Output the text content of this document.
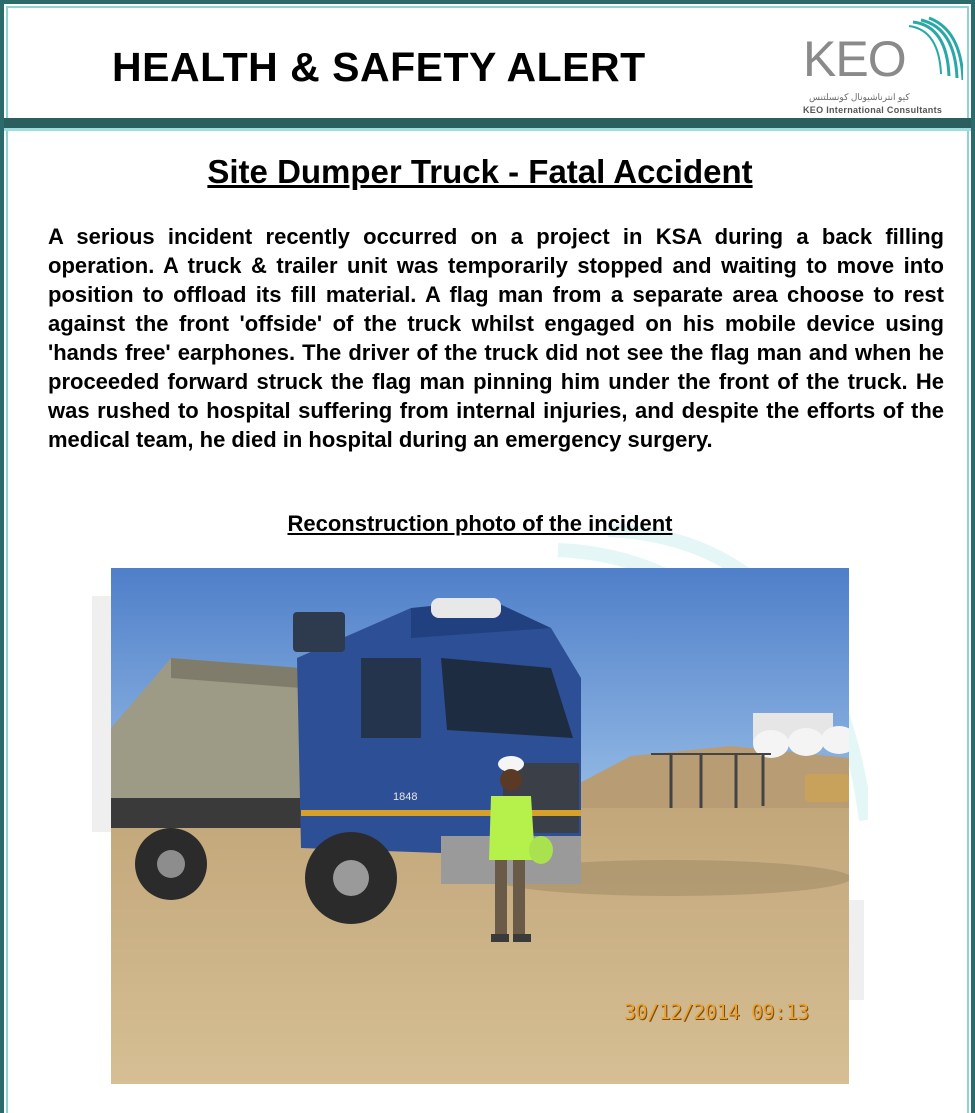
HEALTH & SAFETY ALERT	KEO
كيو انترناشيونال كونسلتنس
KEO International Consultants
Site Dumper Truck - Fatal Accident
A serious incident recently occurred on a project in KSA during a back filling operation. A truck & trailer unit was temporarily stopped and waiting to move into position to offload its fill material. A flag man from a separate area choose to rest against the front 'offside' of the truck whilst engaged on his mobile device using 'hands free' earphones. The driver of the truck did not see the flag man and when he proceeded forward struck the flag man pinning him under the front of the truck. He was rushed to hospital suffering from internal injuries, and despite the efforts of the medical team, he died in hospital during an emergency surgery.
Reconstruction photo of the incident
1848
30/12/2014 09:13
